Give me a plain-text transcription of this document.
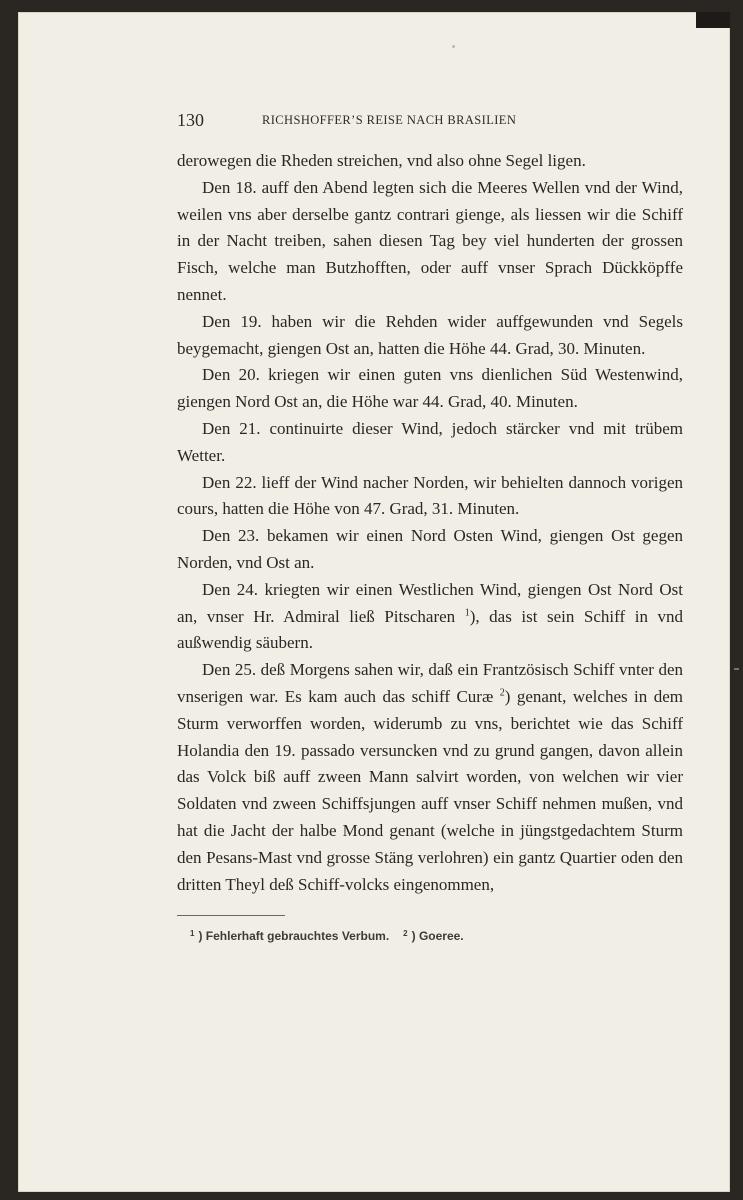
130	RICHSHOFFER’S REISE NACH BRASILIEN

derowegen die Rheden streichen, vnd also ohne Segel ligen.

Den 18. auff den Abend legten sich die Meeres Wellen vnd der Wind, weilen vns aber derselbe gantz contrari gienge, als liessen wir die Schiff in der Nacht treiben, sahen diesen Tag bey viel hunderten der grossen Fisch, welche man Butzhofften, oder auff vnser Sprach Dückköpffe nennet.

Den 19. haben wir die Rehden wider auffgewunden vnd Segels beygemacht, giengen Ost an, hatten die Höhe 44. Grad, 30. Minuten.

Den 20. kriegen wir einen guten vns dienlichen Süd Westenwind, giengen Nord Ost an, die Höhe war 44. Grad, 40. Minuten.

Den 21. continuirte dieser Wind, jedoch stärcker vnd mit trübem Wetter.

Den 22. lieff der Wind nacher Norden, wir behielten dannoch vorigen cours, hatten die Höhe von 47. Grad, 31. Minuten.

Den 23. bekamen wir einen Nord Osten Wind, giengen Ost gegen Norden, vnd Ost an.

Den 24. kriegten wir einen Westlichen Wind, giengen Ost Nord Ost an, vnser Hr. Admiral ließ Pitscharen $^1$), das ist sein Schiff in vnd außwendig säubern.

Den 25. deß Morgens sahen wir, daß ein Frantzösisch Schiff vnter den vnserigen war. Es kam auch das schiff Curæ $^2$) genant, welches in dem Sturm verworffen worden, widerumb zu vns, berichtet wie das Schiff Holandia den 19. passado versuncken vnd zu grund gangen, davon allein das Volck biß auff zween Mann salvirt worden, von welchen wir vier Soldaten vnd zween Schiffsjungen auff vnser Schiff nehmen mußen, vnd hat die Jacht der halbe Mond genant (welche in jüngstgedachtem Sturm den Pesans-Mast vnd grosse Stäng verlohren) ein gantz Quartier oden den dritten Theyl deß Schiff-volcks eingenommen,

1 ) Fehlerhaft gebrauchtes Verbum. 2 ) Goeree.
